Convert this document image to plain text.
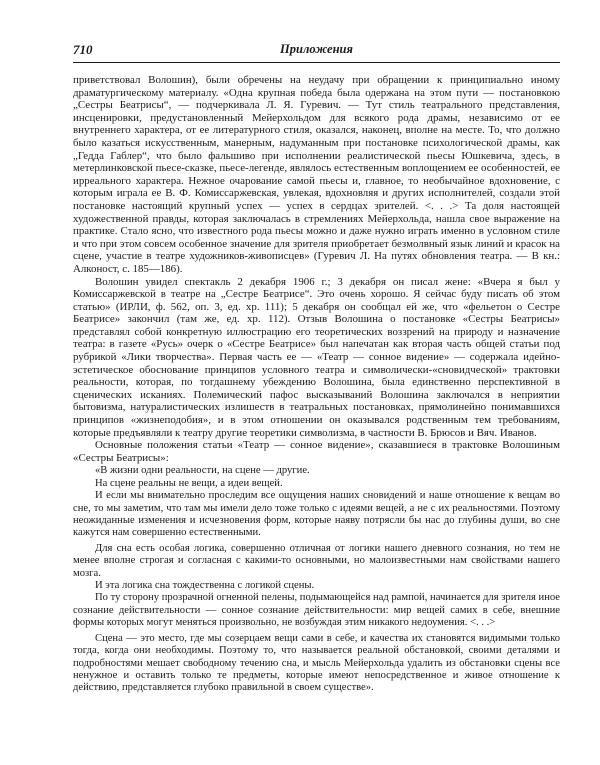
710	Приложения

приветствовал Волошин), были обречены на неудачу при обращении к принципиально иному драматургическому материалу. «Одна крупная победа была одержана на этом пути — постановкою „Сестры Беатрисы“, — подчеркивала Л. Я. Гуревич. — Тут стиль театрального представления, инсценировки, предустановленный Мейерхольдом для всякого рода драмы, независимо от ее внутреннего характера, от ее литературного стиля, оказался, наконец, вполне на месте. То, что должно было казаться искусственным, манерным, надуманным при постановке психологической драмы, как „Гедда Габлер“, что было фальшиво при исполнении реалистической пьесы Юшкевича, здесь, в метерлинковской пьесе-сказке, пьесе-легенде, являлось естественным воплощением ее особенностей, ее ирреального характера. Нежное очарование самой пьесы и, главное, то необычайное вдохновение, с которым играла ее В. Ф. Комиссаржевская, увлекая, вдохновляя и других исполнителей, создали этой постановке настоящий крупный успех — успех в сердцах зрителей. <. . .> Та доля настоящей художественной правды, которая заключалась в стремлениях Мейерхольда, нашла свое выражение на практике. Стало ясно, что известного рода пьесы можно и даже нужно играть именно в условном стиле и что при этом совсем особенное значение для зрителя приобретает безмолвный язык линий и красок на сцене, участие в театре художников-живописцев» (Гуревич Л. На путях обновления театра. — В кн.: Алконост, с. 185—186).

Волошин увидел спектакль 2 декабря 1906 г.; 3 декабря он писал жене: «Вчера я был у Комиссаржевской в театре на „Сестре Беатрисе“. Это очень хорошо. Я сейчас буду писать об этом статью» (ИРЛИ, ф. 562, оп. 3, ед. хр. 111); 5 декабря он сообщал ей же, что «фельетон о Сестре Беатрисе» закончил (там же, ед. хр. 112). Отзыв Волошина о постановке «Сестры Беатрисы» представлял собой конкретную иллюстрацию его теоретических воззрений на природу и назначение театра: в газете «Русь» очерк о «Сестре Беатрисе» был напечатан как вторая часть общей статьи под рубрикой «Лики творчества». Первая часть ее — «Театр — сонное видение» — содержала идейно-эстетическое обоснование принципов условного театра и символически-«сновидческой» трактовки реальности, которая, по тогдашнему убеждению Волошина, была единственно перспективной в сценических исканиях. Полемический пафос высказываний Волошина заключался в неприятии бытовизма, натуралистических излишеств в театральных постановках, прямолинейно понимавшихся принципов «жизнеподобия», и в этом отношении он оказывался родственным тем требованиям, которые предъявляли к театру другие теоретики символизма, в частности В. Брюсов и Вяч. Иванов.

Основные положения статьи «Театр — сонное видение», сказавшиеся в трактовке Волошиным «Сестры Беатрисы»:

«В жизни одни реальности, на сцене — другие.

На сцене реальны не вещи, а идеи вещей.

И если мы внимательно проследим все ощущения наших сновидений и наше отношение к вещам во сне, то мы заметим, что там мы имели дело тоже только с идеями вещей, а не с их реальностями. Поэтому неожиданные изменения и исчезновения форм, которые наяву потрясли бы нас до глубины души, во сне кажутся нам совершенно естественными.

Для сна есть особая логика, совершенно отличная от логики нашего дневного сознания, но тем не менее вполне строгая и согласная с какими-то основными, но малоизвестными нам свойствами нашего мозга.

И эта логика сна тождественна с логикой сцены.

По ту сторону прозрачной огненной пелены, подымающейся над рампой, начинается для зрителя иное сознание действительности — сонное сознание действительности: мир вещей самих в себе, внешние формы которых могут меняться произвольно, не возбуждая этим никакого недоумения. <. . .>

Сцена — это место, где мы созерцаем вещи сами в себе, и качества их становятся видимыми только тогда, когда они необходимы. Поэтому то, что называется реальной обстановкой, своими деталями и подробностями мешает свободному течению сна, и мысль Мейерхольда удалить из обстановки сцены все ненужное и оставить только те предметы, которые имеют непосредственное и живое отношение к действию, представляется глубоко правильной в своем существе».
